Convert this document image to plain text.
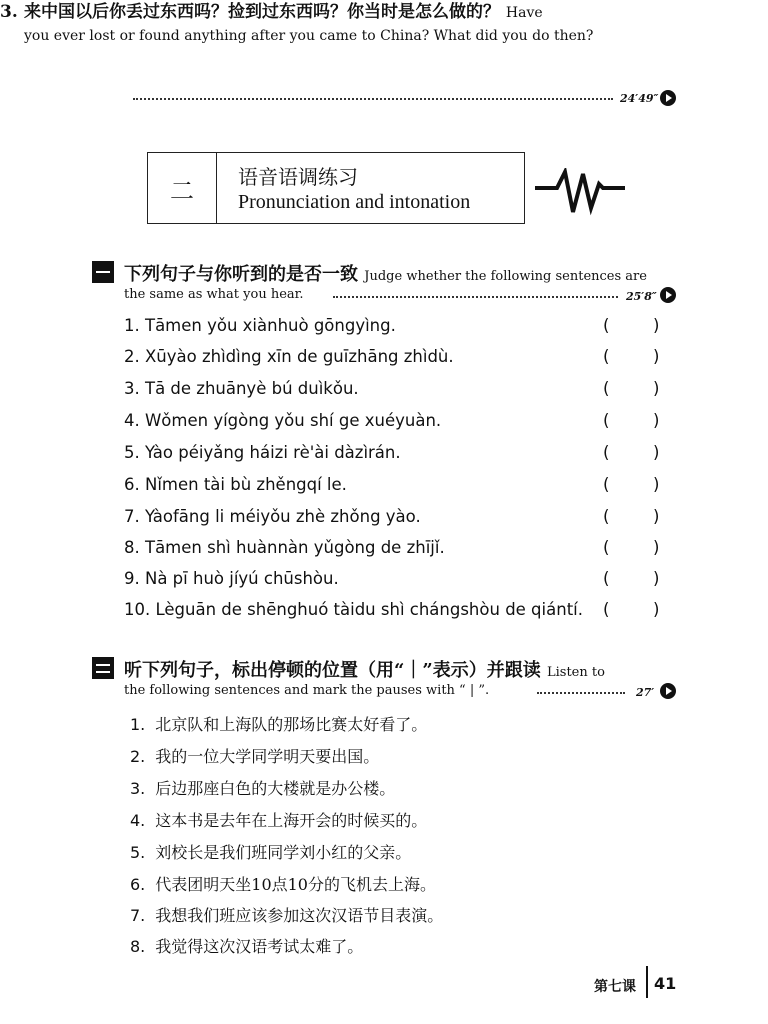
3. 来中国以后你丢过东西吗？捡到过东西吗？你当时是怎么做的？ Have
you ever lost or found anything after you came to China? What did you do then?
24′49″
二	语音语调练习
Pronunciation and intonation
下列句子与你听到的是否一致 Judge whether the following sentences are
the same as what you hear.	25′8″
1. Tāmen yǒu xiànhuò gōngyìng.	(	)
2. Xūyào zhìdìng xīn de guīzhāng zhìdù.	(	)
3. Tā de zhuānyè bú duìkǒu.	(	)
4. Wǒmen yígòng yǒu shí ge xuéyuàn.	(	)
5. Yào péiyǎng háizi rè'ài dàzìrán.	(	)
6. Nǐmen tài bù zhěngqí le.	(	)
7. Yàofāng li méiyǒu zhè zhǒng yào.	(	)
8. Tāmen shì huànnàn yǔgòng de zhījǐ.	(	)
9. Nà pī huò jíyú chūshòu.	(	)
10. Lèguān de shēnghuó tàidu shì chángshòu de qiántí. (	)
听下列句子，标出停顿的位置（用“｜”表示）并跟读 Listen to
the following sentences and mark the pauses with “ | ”.	27′
1. 北京队和上海队的那场比赛太好看了。
2. 我的一位大学同学明天要出国。
3. 后边那座白色的大楼就是办公楼。
4. 这本书是去年在上海开会的时候买的。
5. 刘校长是我们班同学刘小红的父亲。
6. 代表团明天坐10点10分的飞机去上海。
7. 我想我们班应该参加这次汉语节目表演。
8. 我觉得这次汉语考试太难了。
第七课 41
